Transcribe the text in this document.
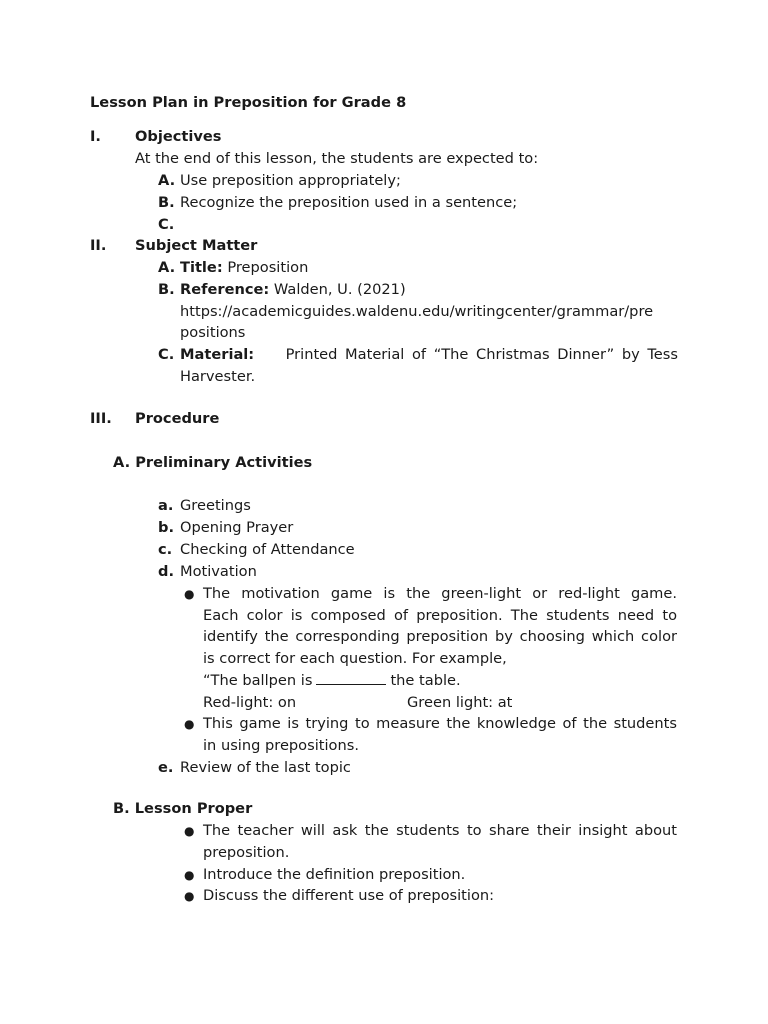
Lesson Plan in Preposition for Grade 8
I. Objectives
At the end of this lesson, the students are expected to:
A. Use preposition appropriately;
B. Recognize the preposition used in a sentence;
C.
II. Subject Matter
A. Title: Preposition
B. Reference: Walden, U. (2021)
https://academicguides.waldenu.edu/writingcenter/grammar/pre
positions
C. Material: Printed Material of “The Christmas Dinner” by Tess
Harvester.
III. Procedure
A. Preliminary Activities
a. Greetings
b. Opening Prayer
c. Checking of Attendance
d. Motivation
● The motivation game is the green-light or red-light game.
Each color is composed of preposition. The students need to
identify the corresponding preposition by choosing which color
is correct for each question. For example,
“The ballpen is	the table.
Red-light: on	Green light: at
● This game is trying to measure the knowledge of the students
in using prepositions.
e. Review of the last topic
B. Lesson Proper
● The teacher will ask the students to share their insight about
preposition.
● Introduce the definition preposition.
● Discuss the different use of preposition:
